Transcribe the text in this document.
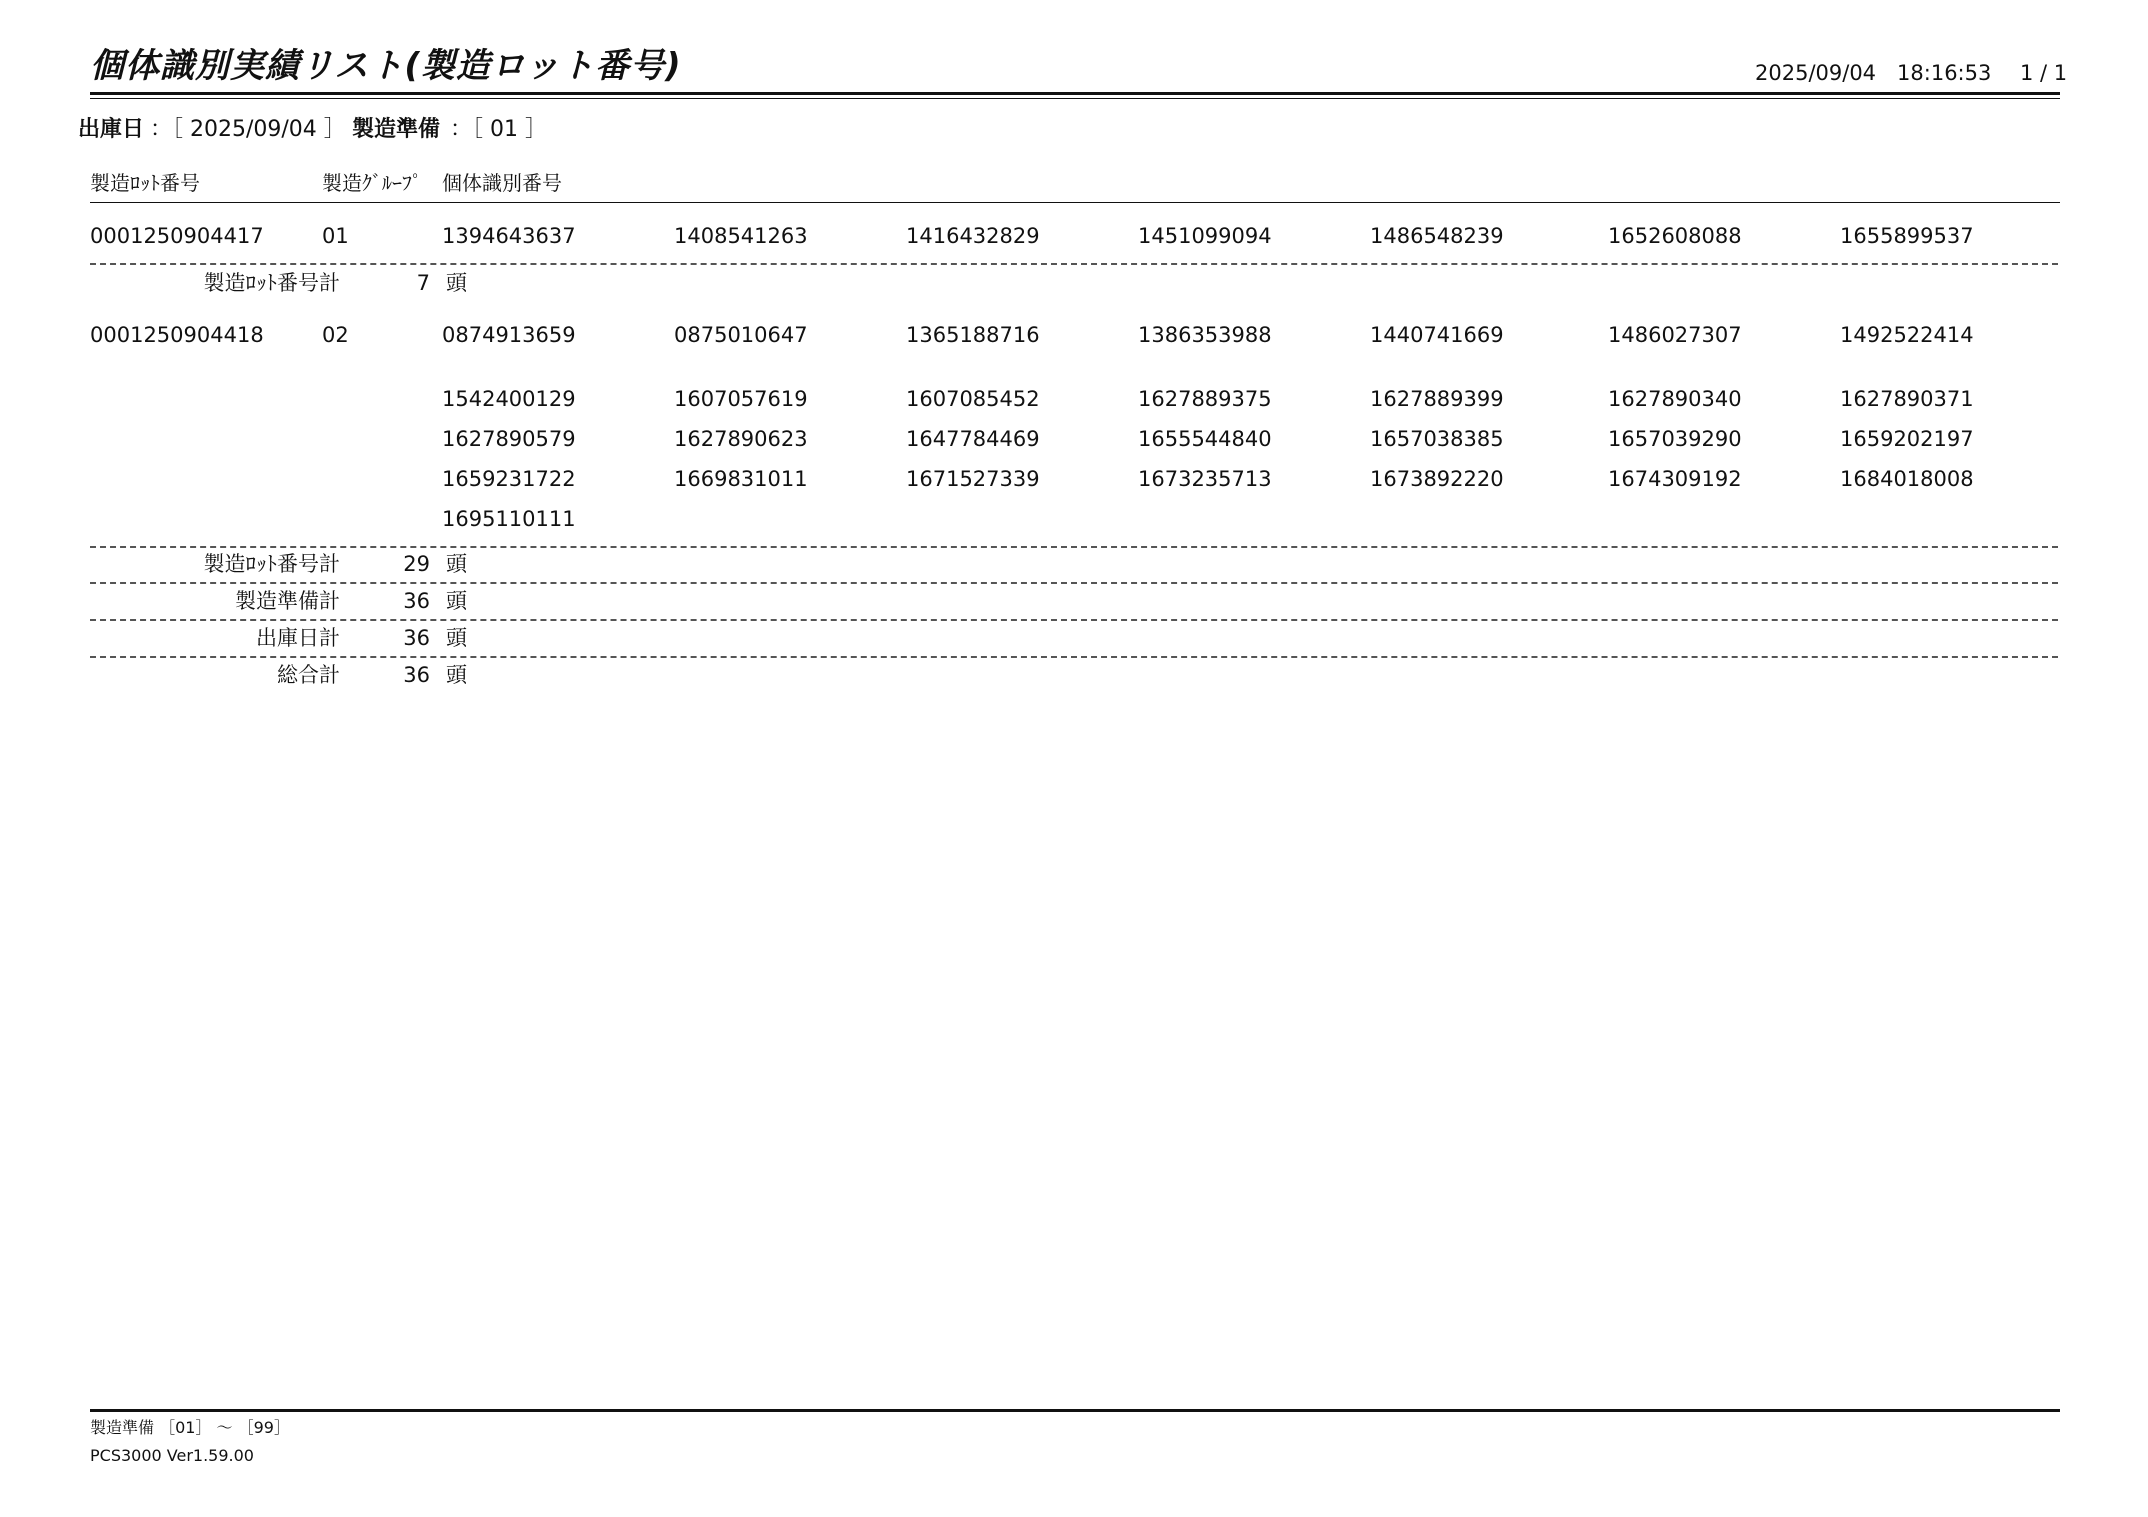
個体識別実績リスト(製造ロット番号)	2025/09/04　18:16:53 1 / 1
出庫日 ：［ 2025/09/04 ］ 製造準備 ：［ 01 ］
製造ﾛｯﾄ番号	製造ｸﾞﾙｰﾌﾟ 個体識別番号
0001250904417	01	1394643637	1408541263	1416432829	1451099094	1486548239	1652608088	1655899537
製造ﾛｯﾄ番号計	7 頭
0001250904418	02	0874913659	0875010647	1365188716	1386353988	1440741669	1486027307	1492522414
1542400129	1607057619	1607085452	1627889375	1627889399	1627890340	1627890371
1627890579	1627890623	1647784469	1655544840	1657038385	1657039290	1659202197
1659231722	1669831011	1671527339	1673235713	1673892220	1674309192	1684018008
1695110111
製造ﾛｯﾄ番号計	29 頭
製造準備計	36 頭
出庫日計	36 頭
総合計	36 頭
製造準備 ［01］ ～ ［99］
PCS3000 Ver1.59.00
